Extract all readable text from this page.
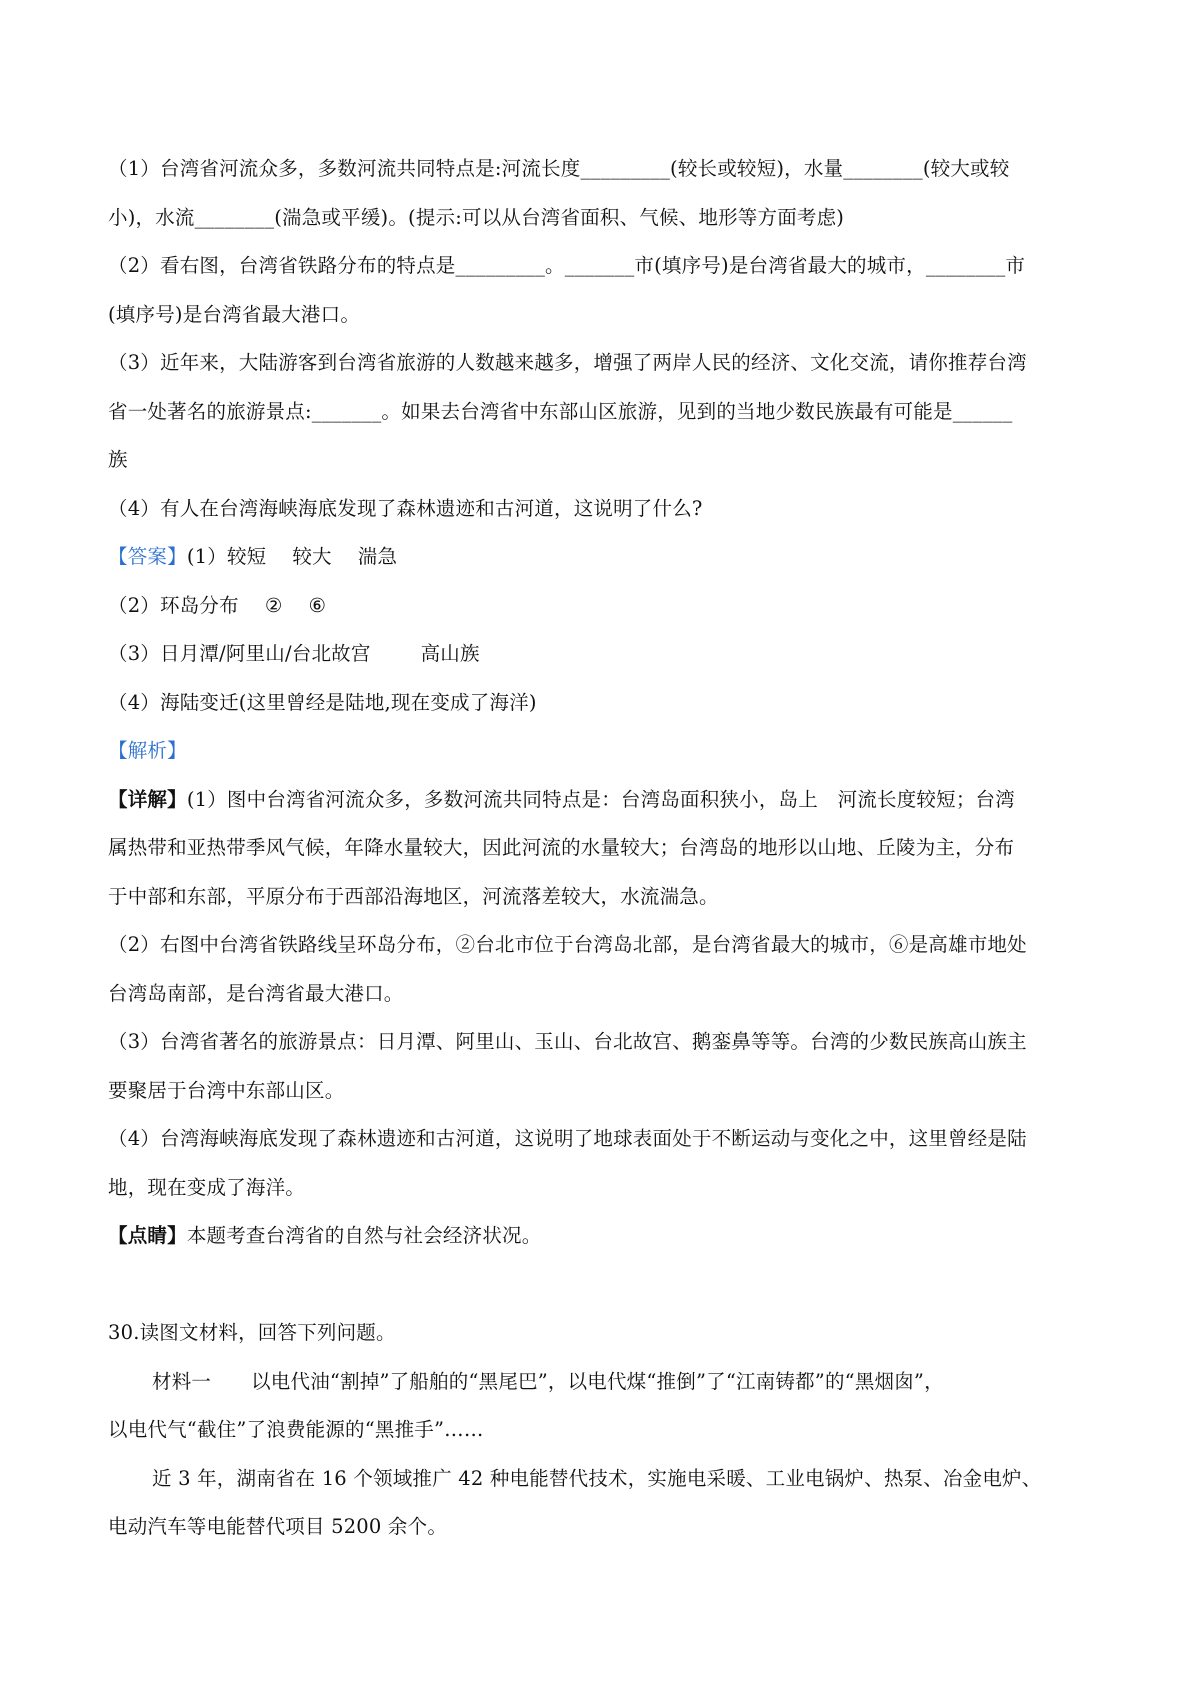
（1）台湾省河流众多，多数河流共同特点是:河流长度_________(较长或较短)，水量________(较大或较
小)，水流________(湍急或平缓)。(提示:可以从台湾省面积、气候、地形等方面考虑)
（2）看右图，台湾省铁路分布的特点是_________。_______市(填序号)是台湾省最大的城市，________市
(填序号)是台湾省最大港口。
（3）近年来，大陆游客到台湾省旅游的人数越来越多，增强了两岸人民的经济、文化交流，请你推荐台湾
省一处著名的旅游景点:_______。如果去台湾省中东部山区旅游，见到的当地少数民族最有可能是______
族
（4）有人在台湾海峡海底发现了森林遗迹和古河道，这说明了什么?
【答案】(1）较短 较大 湍急
（2）环岛分布 ② ⑥
（3）日月潭/阿里山/台北故宫	高山族
（4）海陆变迁(这里曾经是陆地,现在变成了海洋)
【解析】
【详解】(1）图中台湾省河流众多，多数河流共同特点是：台湾岛面积狭小，岛上　河流长度较短；台湾
属热带和亚热带季风气候，年降水量较大，因此河流的水量较大；台湾岛的地形以山地、丘陵为主，分布
于中部和东部，平原分布于西部沿海地区，河流落差较大，水流湍急。
（2）右图中台湾省铁路线呈环岛分布，②台北市位于台湾岛北部，是台湾省最大的城市，⑥是高雄市地处
台湾岛南部，是台湾省最大港口。
（3）台湾省著名的旅游景点：日月潭、阿里山、玉山、台北故宫、鹅銮鼻等等。台湾的少数民族高山族主
要聚居于台湾中东部山区。
（4）台湾海峡海底发现了森林遗迹和古河道，这说明了地球表面处于不断运动与变化之中，这里曾经是陆
地，现在变成了海洋。
【点睛】本题考查台湾省的自然与社会经济状况。
30.读图文材料，回答下列问题。
材料一 以电代油“割掉”了船舶的“黑尾巴”，以电代煤“推倒”了“江南铸都”的“黑烟囱”，
以电代气“截住”了浪费能源的“黑推手”……
近 3 年，湖南省在 16 个领域推广 42 种电能替代技术，实施电采暖、工业电锅炉、热泵、冶金电炉、
电动汽车等电能替代项目 5200 余个。
